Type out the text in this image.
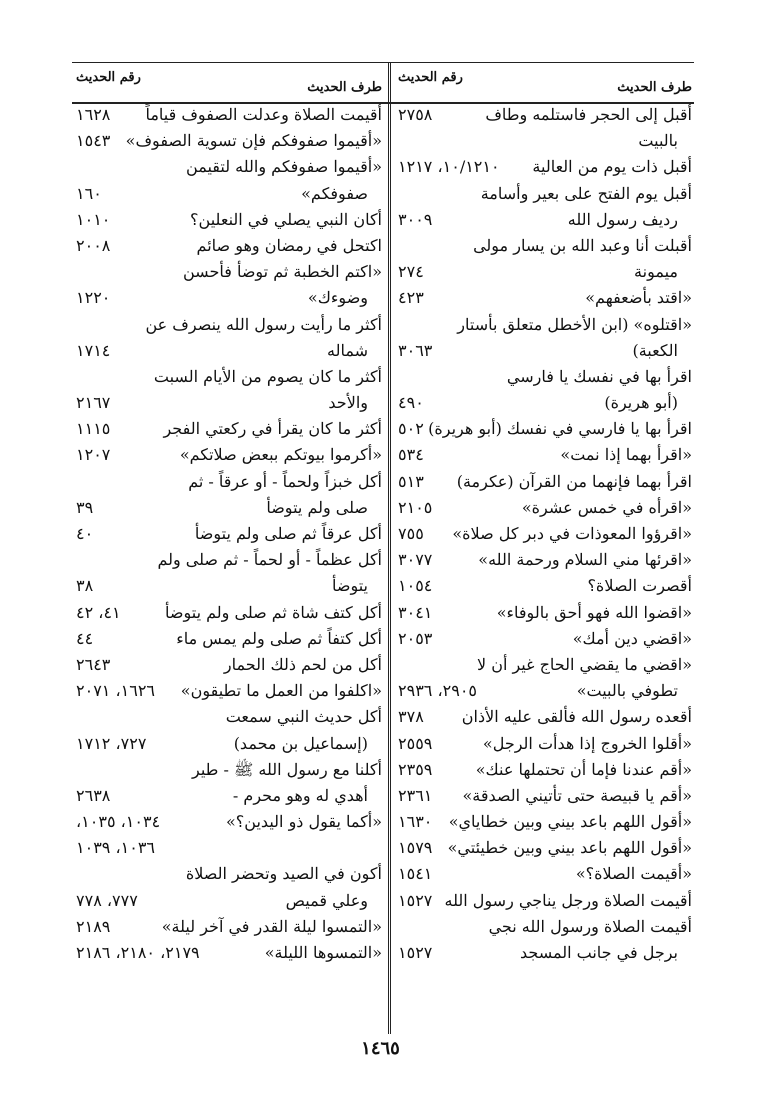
طرف الحديث
رقم الحديث
أقبل إلى الحجر فاستلمه وطاف
٢٧٥٨
بالبيت
أقبل ذات يوم من العالية
١٠/١٢١٠، ١٢١٧
أقبل يوم الفتح على بعير وأسامة
رديف رسول الله
٣٠٠٩
أقبلت أنا وعبد الله بن يسار مولى
ميمونة
٢٧٤
«اقتد بأضعفهم»
٤٢٣
«اقتلوه» (ابن الأخطل متعلق بأستار
الكعبة)
٣٠٦٣
اقرأ بها في نفسك يا فارسي
(أبو هريرة)
٤٩٠
اقرأ بها يا فارسي في نفسك (أبو هريرة)
٥٠٢
«اقرأ بهما إذا نمت»
٥٣٤
اقرأ بهما فإنهما من القرآن (عكرمة)
٥١٣
«اقرأه في خمس عشرة»
٢١٠٥
«اقرؤوا المعوذات في دبر كل صلاة»
٧٥٥
«اقرئها مني السلام ورحمة الله»
٣٠٧٧
أقصرت الصلاة؟
١٠٥٤
«اقضوا الله فهو أحق بالوفاء»
٣٠٤١
«اقضي دين أمك»
٢٠٥٣
«اقضي ما يقضي الحاج غير أن لا
تطوفي بالبيت»
٢٩٠٥، ٢٩٣٦
أقعده رسول الله فألقى عليه الأذان
٣٧٨
«أقلوا الخروج إذا هدأت الرجل»
٢٥٥٩
«أقم عندنا فإما أن تحتملها عنك»
٢٣٥٩
«أقم يا قبيصة حتى تأتيني الصدقة»
٢٣٦١
«أقول اللهم باعد بيني وبين خطاياي»
١٦٣٠
«أقول اللهم باعد بيني وبين خطيئتي»
١٥٧٩
«أقيمت الصلاة؟»
١٥٤١
أقيمت الصلاة ورجل يناجي رسول الله
١٥٢٧
أقيمت الصلاة ورسول الله نجي
برجل في جانب المسجد
١٥٢٧
طرف الحديث
رقم الحديث
أقيمت الصلاة وعدلت الصفوف قياماً
١٦٢٨
«أقيموا صفوفكم فإن تسوية الصفوف»
١٥٤٣
«أقيموا صفوفكم والله لتقيمن
صفوفكم»
١٦٠
أكان النبي يصلي في النعلين؟
١٠١٠
اكتحل في رمضان وهو صائم
٢٠٠٨
«اكتم الخطبة ثم توضأ فأحسن
وضوءك»
١٢٢٠
أكثر ما رأيت رسول الله ينصرف عن
شماله
١٧١٤
أكثر ما كان يصوم من الأيام السبت
والأحد
٢١٦٧
أكثر ما كان يقرأ في ركعتي الفجر
١١١٥
«أكرموا بيوتكم ببعض صلاتكم»
١٢٠٧
أكل خبزاً ولحماً - أو عرقاً - ثم
صلى ولم يتوضأ
٣٩
أكل عرقاً ثم صلى ولم يتوضأ
٤٠
أكل عظماً - أو لحماً - ثم صلى ولم
يتوضأ
٣٨
أكل كتف شاة ثم صلى ولم يتوضأ
٤١، ٤٢
أكل كتفاً ثم صلى ولم يمس ماء
٤٤
أكل من لحم ذلك الحمار
٢٦٤٣
«اكلفوا من العمل ما تطيقون»
١٦٢٦، ٢٠٧١
أكل حديث النبي سمعت
(إسماعيل بن محمد)
٧٢٧، ١٧١٢
أكلنا مع رسول الله ﷺ - طير
أهدي له وهو محرم -
٢٦٣٨
«أكما يقول ذو اليدين؟»
١٠٣٤، ١٠٣٥،
١٠٣٦، ١٠٣٩
أكون في الصيد وتحضر الصلاة
وعلي قميص
٧٧٧، ٧٧٨
«التمسوا ليلة القدر في آخر ليلة»
٢١٨٩
«التمسوها الليلة»
٢١٧٩، ٢١٨٠، ٢١٨٦
١٤٦٥
